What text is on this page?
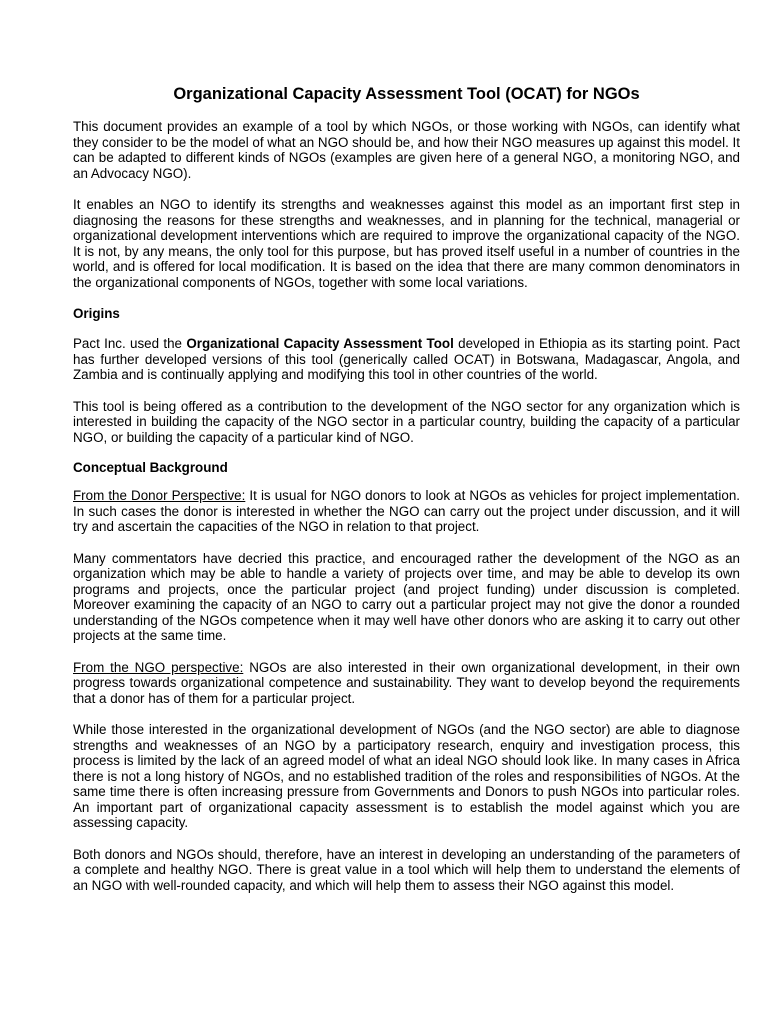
Organizational Capacity Assessment Tool (OCAT) for NGOs

This document provides an example of a tool by which NGOs, or those working with NGOs, can identify what they consider to be the model of what an NGO should be, and how their NGO measures up against this model. It can be adapted to different kinds of NGOs (examples are given here of a general NGO, a monitoring NGO, and an Advocacy NGO).

It enables an NGO to identify its strengths and weaknesses against this model as an important first step in diagnosing the reasons for these strengths and weaknesses, and in planning for the technical, managerial or organizational development interventions which are required to improve the organizational capacity of the NGO. It is not, by any means, the only tool for this purpose, but has proved itself useful in a number of countries in the world, and is offered for local modification. It is based on the idea that there are many common denominators in the organizational components of NGOs, together with some local variations.

Origins

Pact Inc. used the Organizational Capacity Assessment Tool developed in Ethiopia as its starting point. Pact has further developed versions of this tool (generically called OCAT) in Botswana, Madagascar, Angola, and Zambia and is continually applying and modifying this tool in other countries of the world.

This tool is being offered as a contribution to the development of the NGO sector for any organization which is interested in building the capacity of the NGO sector in a particular country, building the capacity of a particular NGO, or building the capacity of a particular kind of NGO.

Conceptual Background

From the Donor Perspective: It is usual for NGO donors to look at NGOs as vehicles for project implementation. In such cases the donor is interested in whether the NGO can carry out the project under discussion, and it will try and ascertain the capacities of the NGO in relation to that project.

Many commentators have decried this practice, and encouraged rather the development of the NGO as an organization which may be able to handle a variety of projects over time, and may be able to develop its own programs and projects, once the particular project (and project funding) under discussion is completed. Moreover examining the capacity of an NGO to carry out a particular project may not give the donor a rounded understanding of the NGOs competence when it may well have other donors who are asking it to carry out other projects at the same time.

From the NGO perspective: NGOs are also interested in their own organizational development, in their own progress towards organizational competence and sustainability. They want to develop beyond the requirements that a donor has of them for a particular project.

While those interested in the organizational development of NGOs (and the NGO sector) are able to diagnose strengths and weaknesses of an NGO by a participatory research, enquiry and investigation process, this process is limited by the lack of an agreed model of what an ideal NGO should look like. In many cases in Africa there is not a long history of NGOs, and no established tradition of the roles and responsibilities of NGOs. At the same time there is often increasing pressure from Governments and Donors to push NGOs into particular roles. An important part of organizational capacity assessment is to establish the model against which you are assessing capacity.

Both donors and NGOs should, therefore, have an interest in developing an understanding of the parameters of a complete and healthy NGO. There is great value in a tool which will help them to understand the elements of an NGO with well-rounded capacity, and which will help them to assess their NGO against this model.
